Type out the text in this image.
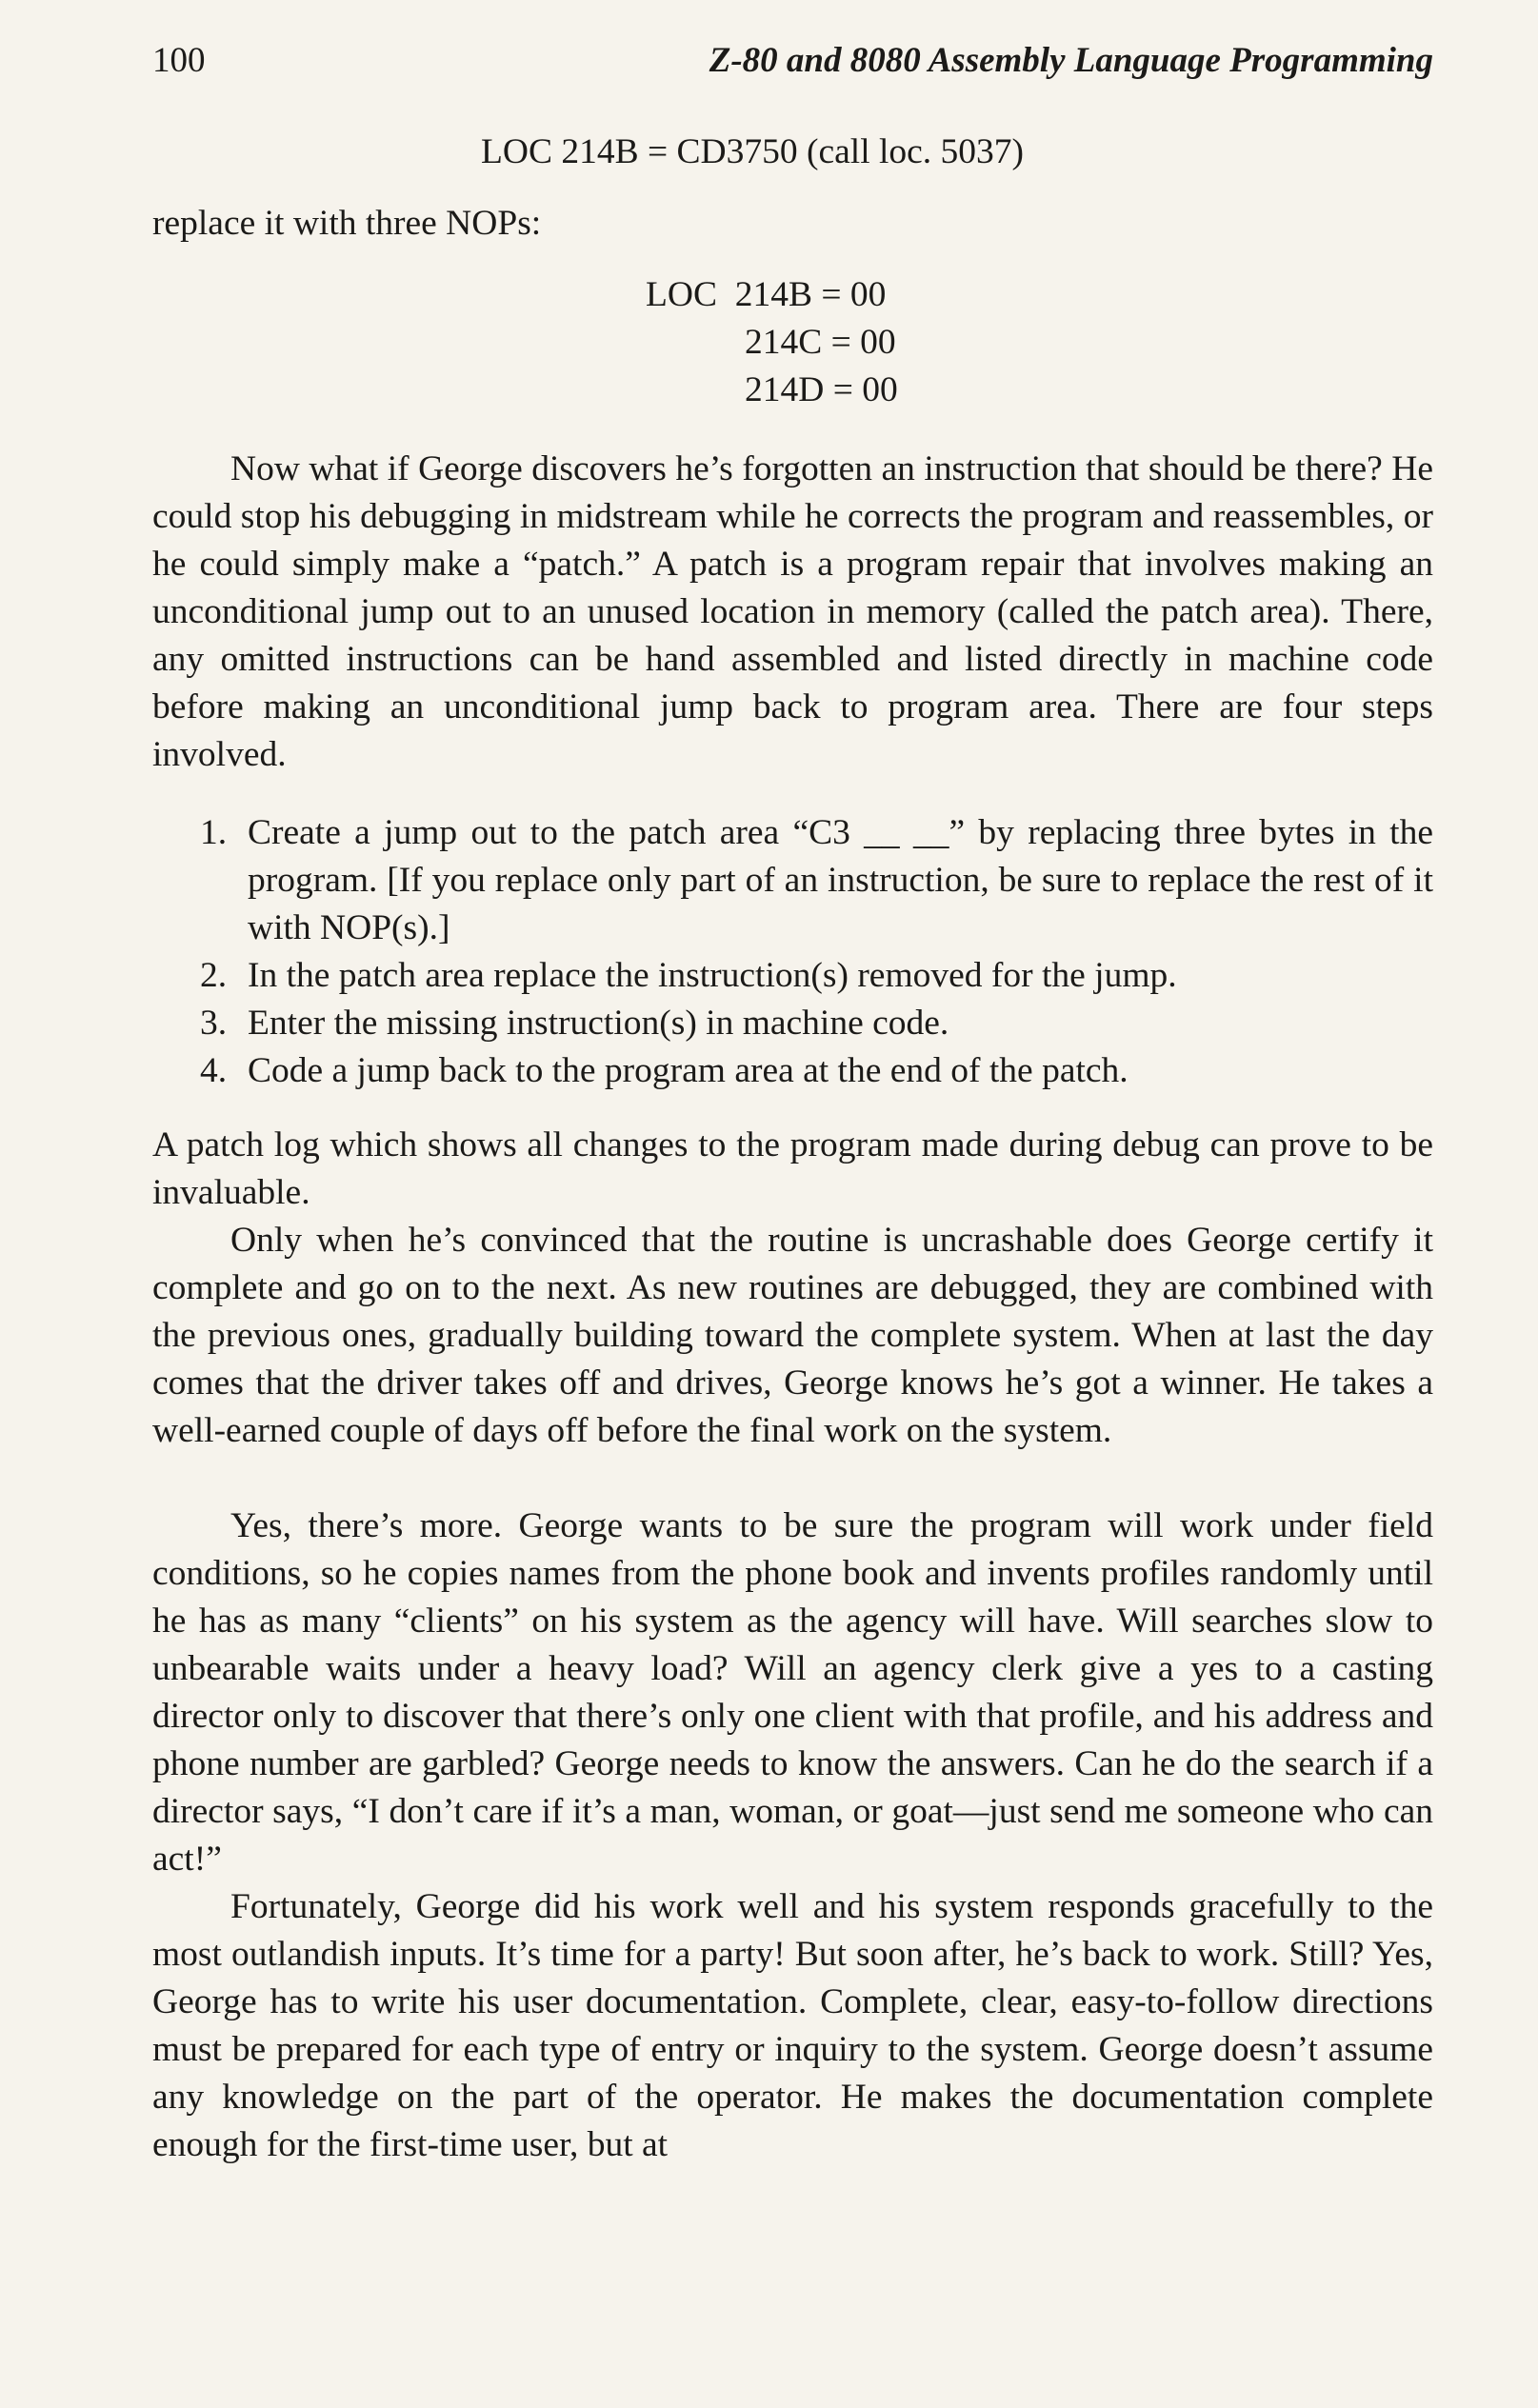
100	Z-80 and 8080 Assembly Language Programming
LOC 214B = CD3750 (call loc. 5037)
replace it with three NOPs:
LOC  214B = 00
214C = 00
214D = 00

Now what if George discovers he’s forgotten an instruction that should be there? He could stop his debugging in midstream while he corrects the program and reassembles, or he could simply make a “patch.” A patch is a program repair that involves making an unconditional jump out to an unused location in memory (called the patch area). There, any omitted instructions can be hand assembled and listed directly in machine code before making an unconditional jump back to program area. There are four steps involved.

1. Create a jump out to the patch area “C3 __ __” by replacing three bytes in the program. [If you replace only part of an instruction, be sure to replace the rest of it with NOP(s).]
2. In the patch area replace the instruction(s) removed for the jump.
3. Enter the missing instruction(s) in machine code.
4. Code a jump back to the program area at the end of the patch.

A patch log which shows all changes to the program made during debug can prove to be invaluable.

Only when he’s convinced that the routine is uncrashable does George certify it complete and go on to the next. As new routines are debugged, they are combined with the previous ones, gradually building toward the complete system. When at last the day comes that the driver takes off and drives, George knows he’s got a winner. He takes a well-earned couple of days off before the final work on the system.

Yes, there’s more. George wants to be sure the program will work under field conditions, so he copies names from the phone book and invents profiles randomly until he has as many “clients” on his system as the agency will have. Will searches slow to unbearable waits under a heavy load? Will an agency clerk give a yes to a casting director only to discover that there’s only one client with that profile, and his address and phone number are garbled? George needs to know the answers. Can he do the search if a director says, “I don’t care if it’s a man, woman, or goat—just send me someone who can act!”

Fortunately, George did his work well and his system responds gracefully to the most outlandish inputs. It’s time for a party! But soon after, he’s back to work. Still? Yes, George has to write his user documentation. Complete, clear, easy-to-follow directions must be prepared for each type of entry or inquiry to the system. George doesn’t assume any knowledge on the part of the operator. He makes the documentation complete enough for the first-time user, but at
